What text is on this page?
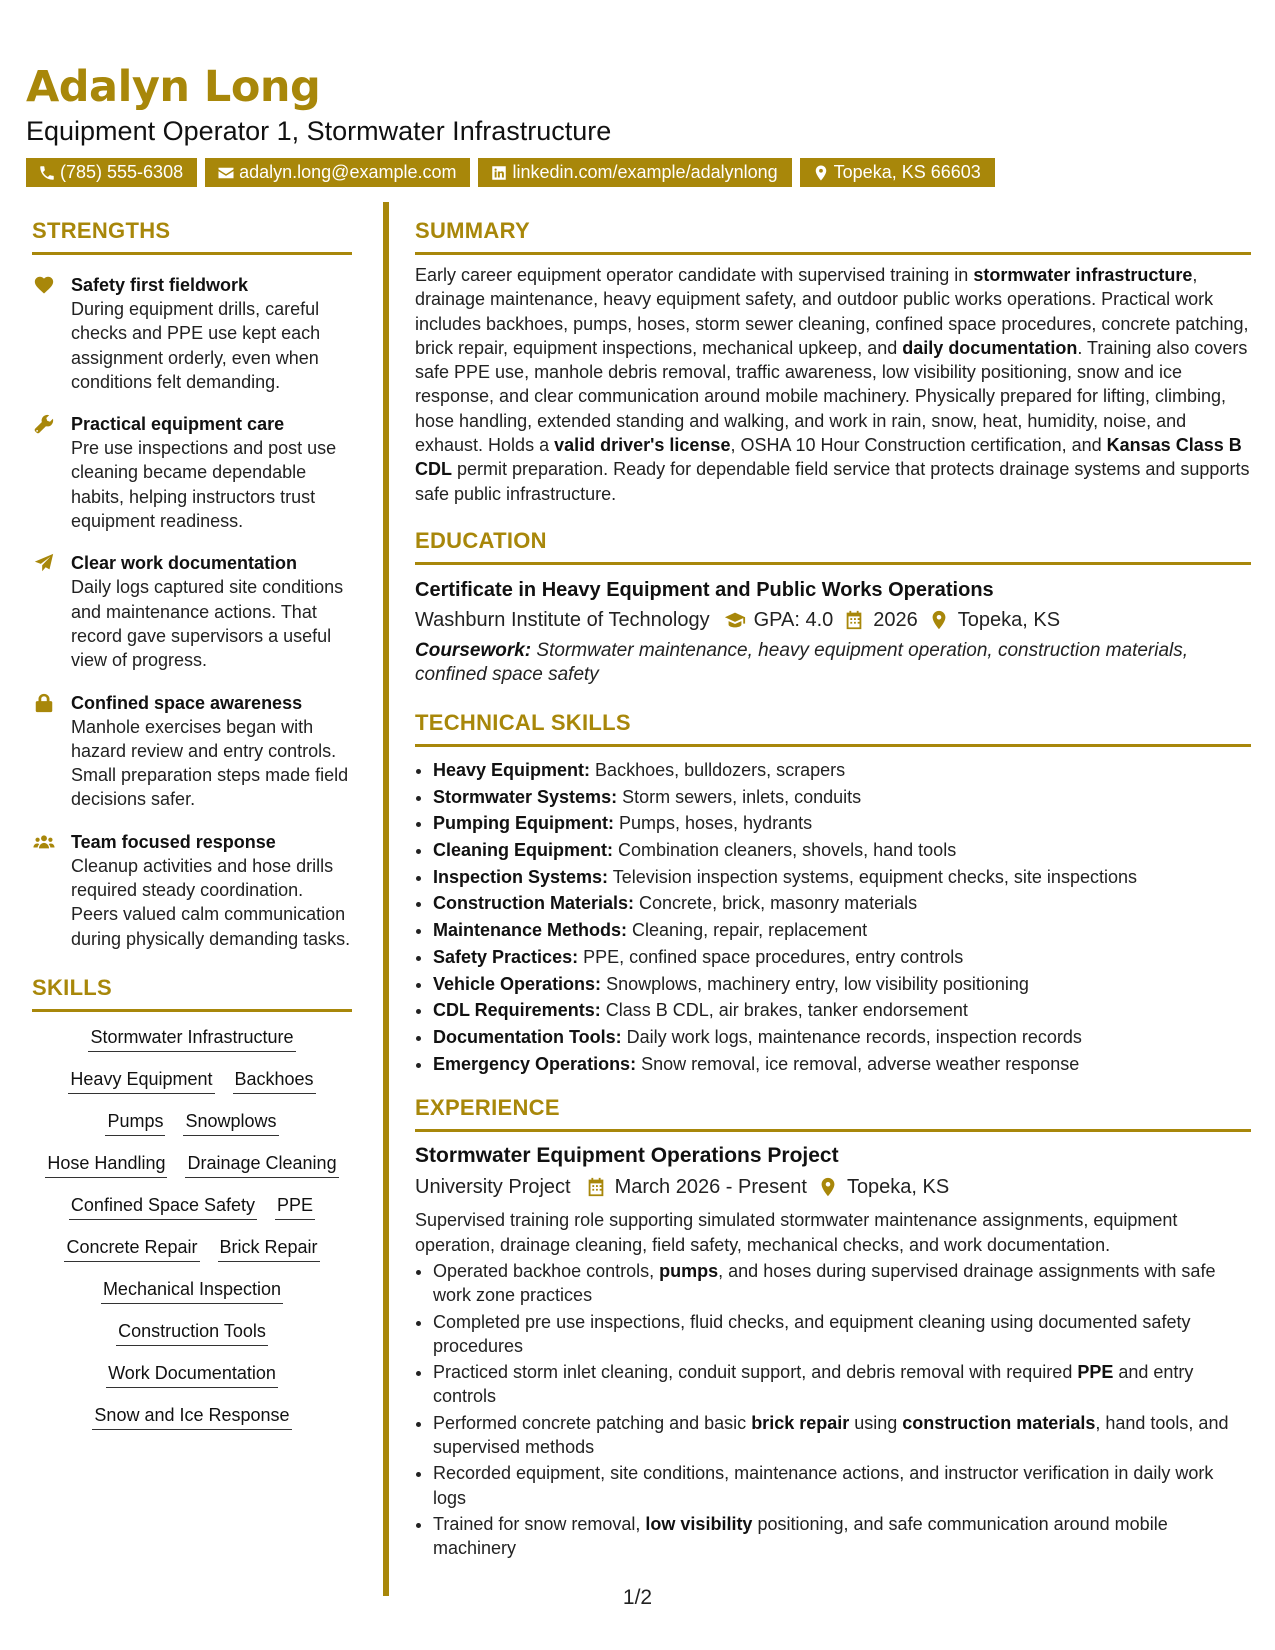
Adalyn Long
Equipment Operator 1, Stormwater Infrastructure
(785) 555-6308	adalyn.long@example.com	linkedin.com/example/adalynlong	Topeka, KS 66603
STRENGTHS
Safety first fieldwork
During equipment drills, careful checks and PPE use kept each assignment orderly, even when conditions felt demanding.
Practical equipment care
Pre use inspections and post use cleaning became dependable habits, helping instructors trust equipment readiness.
Clear work documentation
Daily logs captured site conditions and maintenance actions. That record gave supervisors a useful view of progress.
Confined space awareness
Manhole exercises began with hazard review and entry controls. Small preparation steps made field decisions safer.
Team focused response
Cleanup activities and hose drills required steady coordination. Peers valued calm communication during physically demanding tasks.
SKILLS
Stormwater Infrastructure
Heavy Equipment Backhoes
Pumps Snowplows
Hose Handling Drainage Cleaning
Confined Space Safety PPE
Concrete Repair Brick Repair
Mechanical Inspection
Construction Tools
Work Documentation
Snow and Ice Response
SUMMARY
Early career equipment operator candidate with supervised training in stormwater infrastructure, drainage maintenance, heavy equipment safety, and outdoor public works operations. Practical work includes backhoes, pumps, hoses, storm sewer cleaning, confined space procedures, concrete patching, brick repair, equipment inspections, mechanical upkeep, and daily documentation. Training also covers safe PPE use, manhole debris removal, traffic awareness, low visibility positioning, snow and ice response, and clear communication around mobile machinery. Physically prepared for lifting, climbing, hose handling, extended standing and walking, and work in rain, snow, heat, humidity, noise, and exhaust. Holds a valid driver's license, OSHA 10 Hour Construction certification, and Kansas Class B CDL permit preparation. Ready for dependable field service that protects drainage systems and supports safe public infrastructure.
EDUCATION
Certificate in Heavy Equipment and Public Works Operations
Washburn Institute of Technology GPA: 4.0 2026 Topeka, KS
Coursework: Stormwater maintenance, heavy equipment operation, construction materials, confined space safety
TECHNICAL SKILLS
• Heavy Equipment: Backhoes, bulldozers, scrapers
• Stormwater Systems: Storm sewers, inlets, conduits
• Pumping Equipment: Pumps, hoses, hydrants
• Cleaning Equipment: Combination cleaners, shovels, hand tools
• Inspection Systems: Television inspection systems, equipment checks, site inspections
• Construction Materials: Concrete, brick, masonry materials
• Maintenance Methods: Cleaning, repair, replacement
• Safety Practices: PPE, confined space procedures, entry controls
• Vehicle Operations: Snowplows, machinery entry, low visibility positioning
• CDL Requirements: Class B CDL, air brakes, tanker endorsement
• Documentation Tools: Daily work logs, maintenance records, inspection records
• Emergency Operations: Snow removal, ice removal, adverse weather response
EXPERIENCE
Stormwater Equipment Operations Project
University Project March 2026 - Present Topeka, KS
Supervised training role supporting simulated stormwater maintenance assignments, equipment operation, drainage cleaning, field safety, mechanical checks, and work documentation.
• Operated backhoe controls, pumps, and hoses during supervised drainage assignments with safe work zone practices
• Completed pre use inspections, fluid checks, and equipment cleaning using documented safety procedures
• Practiced storm inlet cleaning, conduit support, and debris removal with required PPE and entry controls
• Performed concrete patching and basic brick repair using construction materials, hand tools, and supervised methods
• Recorded equipment, site conditions, maintenance actions, and instructor verification in daily work logs
• Trained for snow removal, low visibility positioning, and safe communication around mobile machinery
1/2
